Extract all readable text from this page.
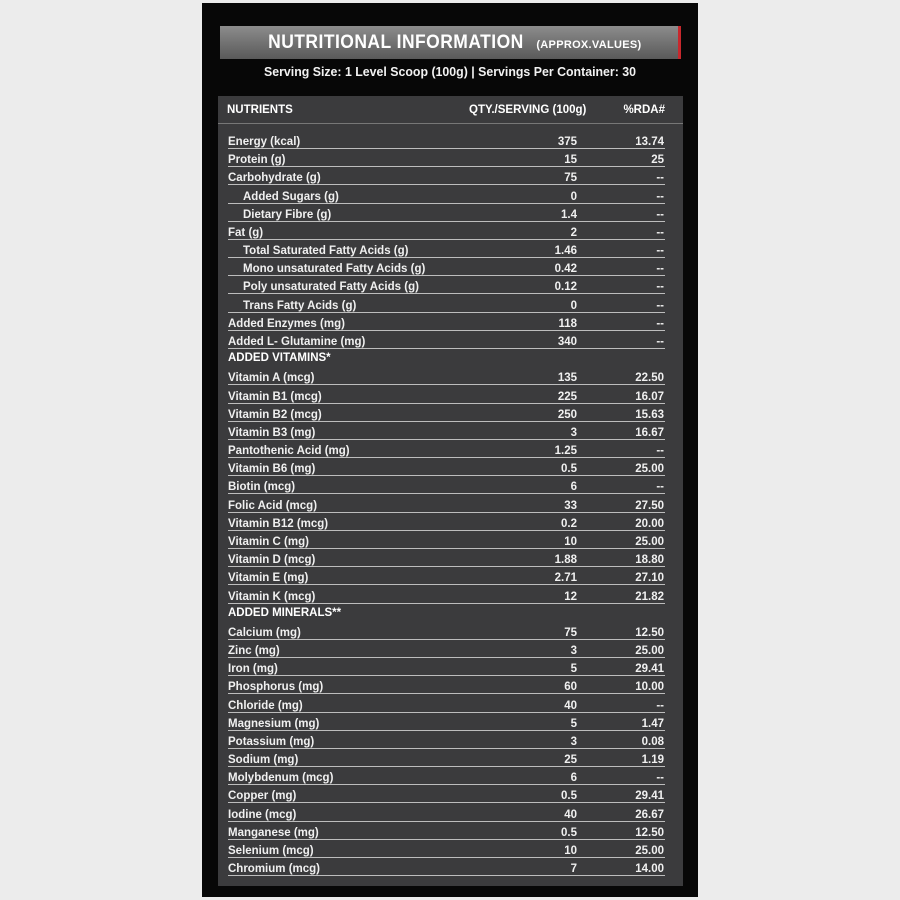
NUTRITIONAL INFORMATION (APPROX.VALUES)
Serving Size: 1 Level Scoop (100g) | Servings Per Container: 30
NUTRIENTS	QTY./SERVING (100g)	%RDA#
Energy (kcal)	375	13.74
Protein (g)	15	25
Carbohydrate (g)	75	--
Added Sugars (g)	0	--
Dietary Fibre (g)	1.4	--
Fat (g)	2	--
Total Saturated Fatty Acids (g)	1.46	--
Mono unsaturated Fatty Acids (g)	0.42	--
Poly unsaturated Fatty Acids (g)	0.12	--
Trans Fatty Acids (g)	0	--
Added Enzymes (mg)	118	--
Added L- Glutamine (mg)	340	--
ADDED VITAMINS*
Vitamin A (mcg)	135	22.50
Vitamin B1 (mcg)	225	16.07
Vitamin B2 (mcg)	250	15.63
Vitamin B3 (mg)	3	16.67
Pantothenic Acid (mg)	1.25	--
Vitamin B6 (mg)	0.5	25.00
Biotin (mcg)	6	--
Folic Acid (mcg)	33	27.50
Vitamin B12 (mcg)	0.2	20.00
Vitamin C (mg)	10	25.00
Vitamin D (mcg)	1.88	18.80
Vitamin E (mg)	2.71	27.10
Vitamin K (mcg)	12	21.82
ADDED MINERALS**
Calcium (mg)	75	12.50
Zinc (mg)	3	25.00
Iron (mg)	5	29.41
Phosphorus (mg)	60	10.00
Chloride (mg)	40	--
Magnesium (mg)	5	1.47
Potassium (mg)	3	0.08
Sodium (mg)	25	1.19
Molybdenum (mcg)	6	--
Copper (mg)	0.5	29.41
Iodine (mcg)	40	26.67
Manganese (mg)	0.5	12.50
Selenium (mcg)	10	25.00
Chromium (mcg)	7	14.00
